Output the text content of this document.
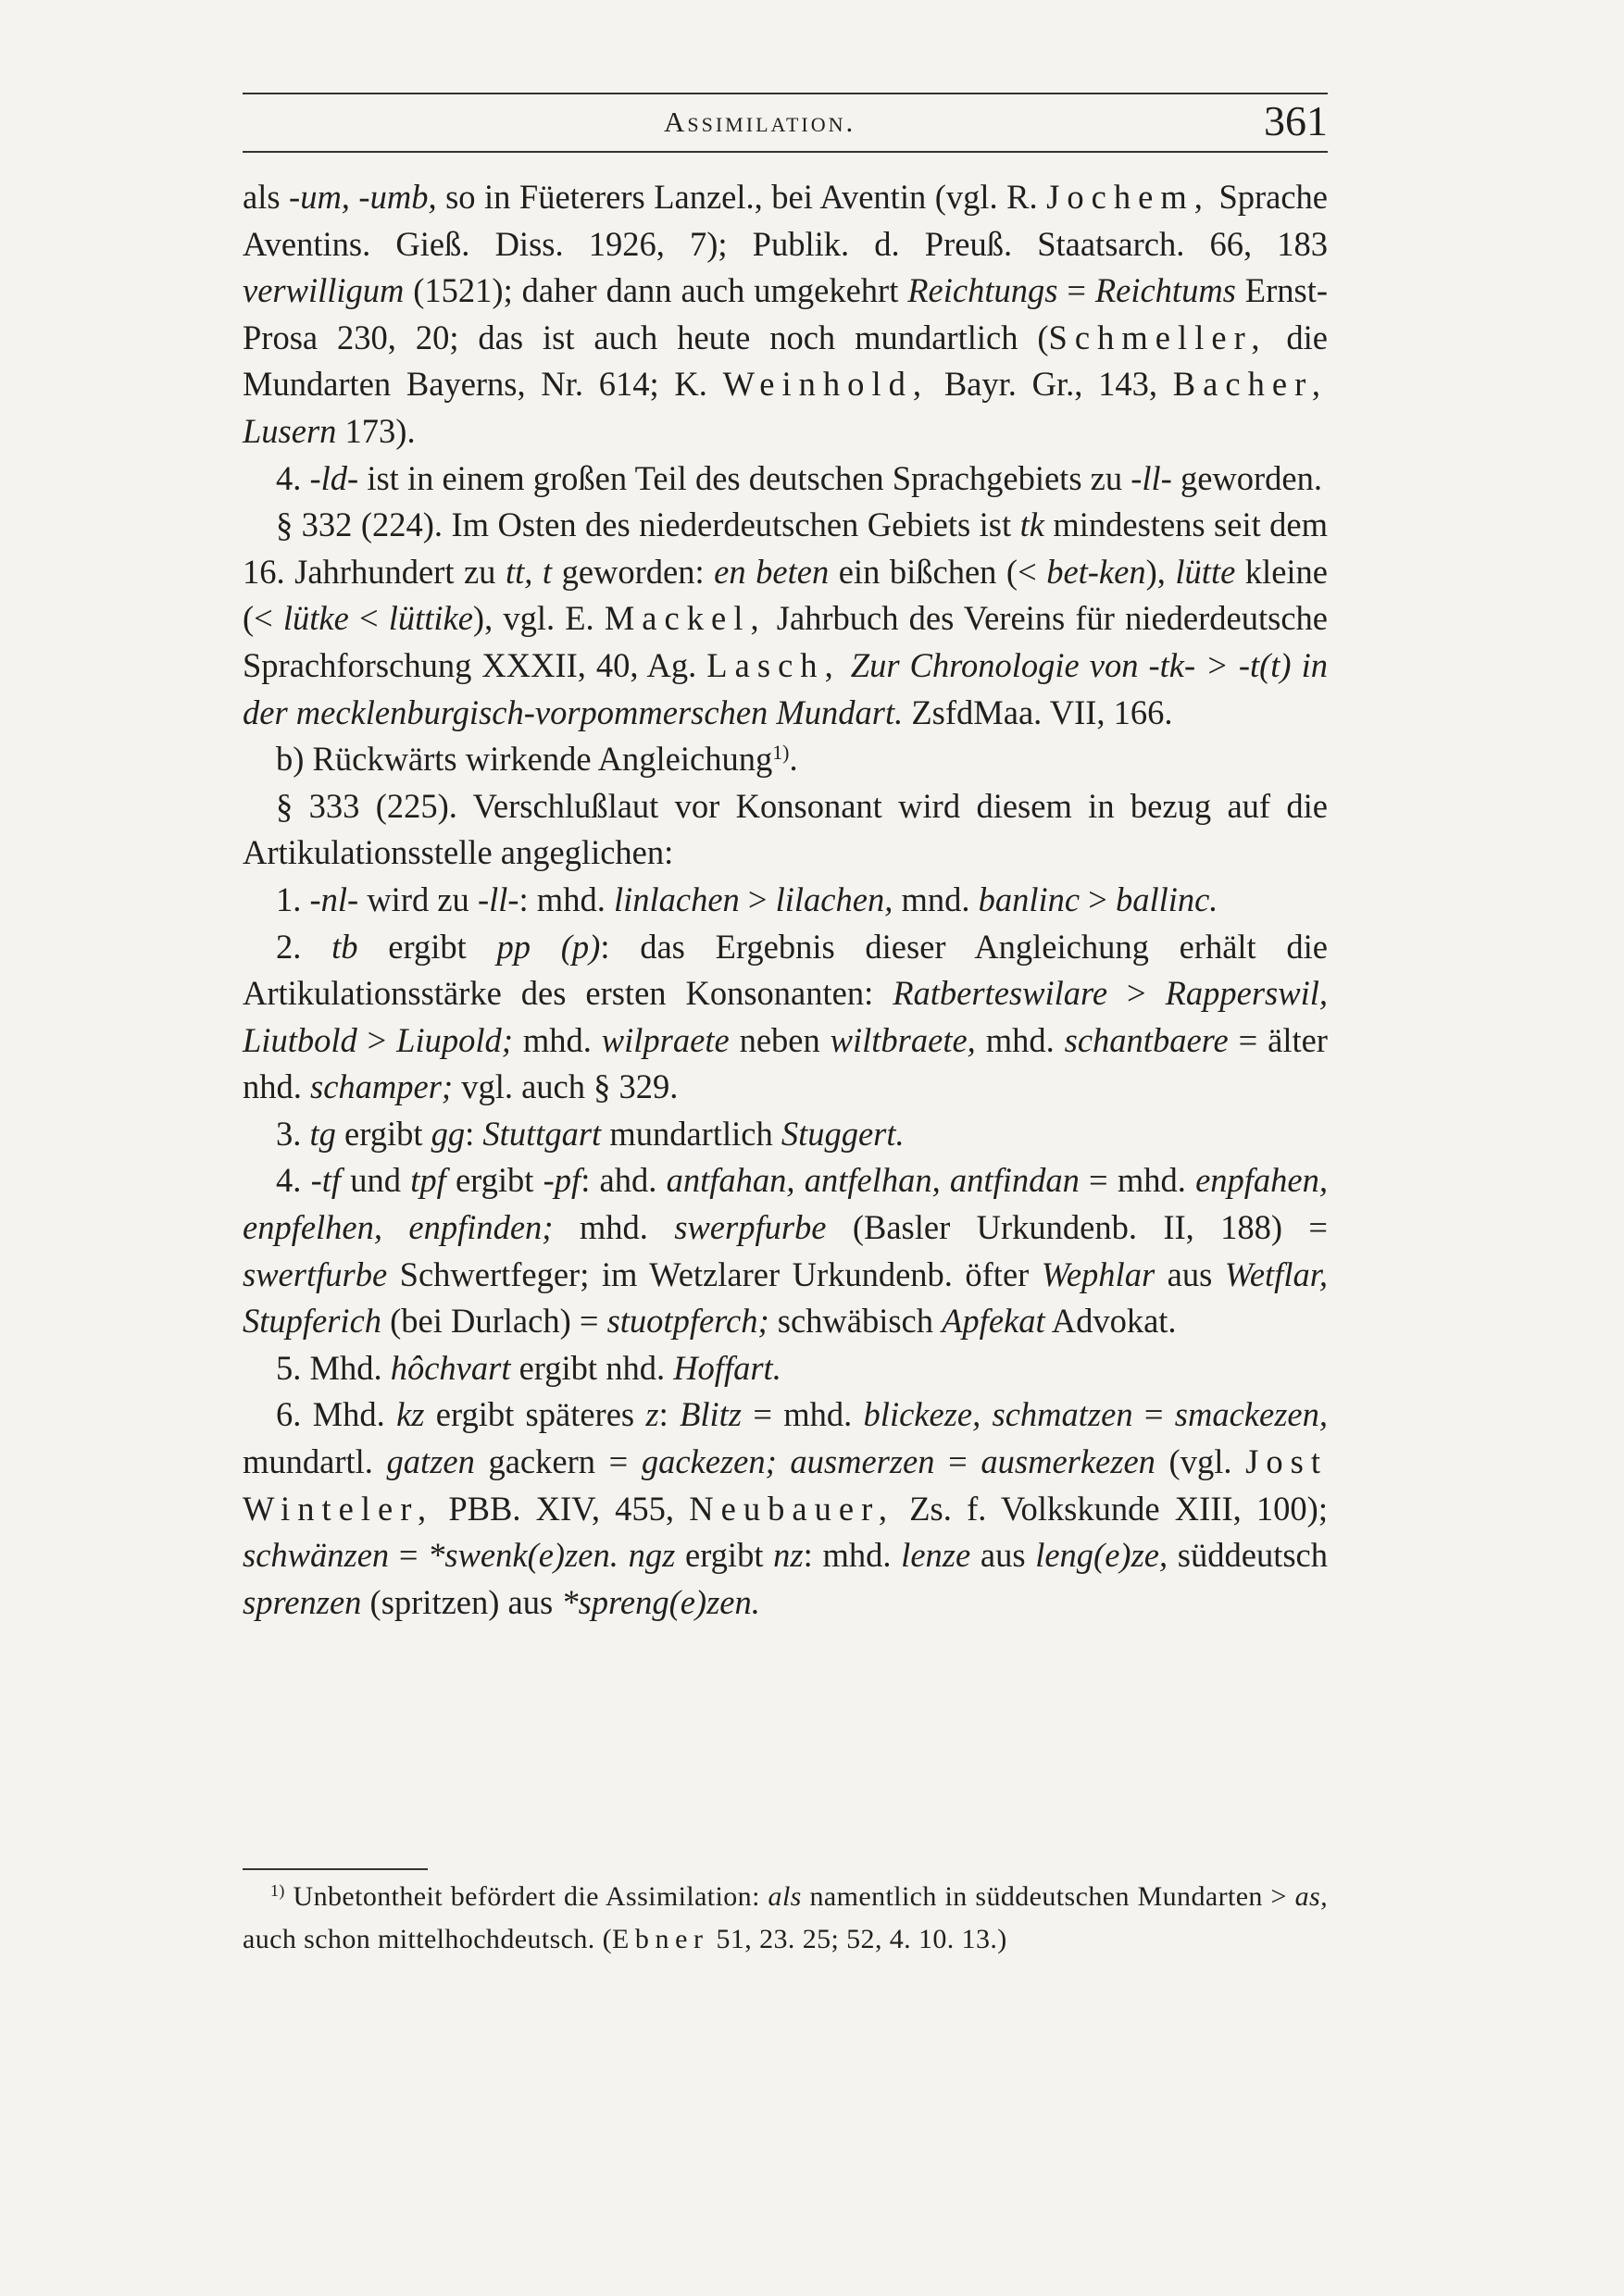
Assimilation.	361

als -um, -umb, so in Füeterers Lanzel., bei Aventin (vgl. R. Jochem, Sprache Aventins. Gieß. Diss. 1926, 7); Publik. d. Preuß. Staatsarch. 66, 183 verwilligum (1521); daher dann auch umgekehrt Reichtungs = Reichtums Ernst-Prosa 230, 20; das ist auch heute noch mundartlich (Schmeller, die Mundarten Bayerns, Nr. 614; K. Weinhold, Bayr. Gr., 143, Bacher, Lusern 173).

4. -ld- ist in einem großen Teil des deutschen Sprachgebiets zu -ll- geworden.

§ 332 (224). Im Osten des niederdeutschen Gebiets ist tk mindestens seit dem 16. Jahrhundert zu tt, t geworden: en beten ein bißchen (< bet-ken), lütte kleine (< lütke < lüttike), vgl. E. Mackel, Jahrbuch des Vereins für niederdeutsche Sprachforschung XXXII, 40, Ag. Lasch, Zur Chronologie von -tk- > -t(t) in der mecklenburgisch-vorpommerschen Mundart. ZsfdMaa. VII, 166.

b) Rückwärts wirkende Angleichung$^{1)}$.

§ 333 (225). Verschlußlaut vor Konsonant wird diesem in bezug auf die Artikulationsstelle angeglichen:

1. -nl- wird zu -ll-: mhd. linlachen > lilachen, mnd. banlinc > ballinc.

2. tb ergibt pp (p): das Ergebnis dieser Angleichung erhält die Artikulationsstärke des ersten Konsonanten: Ratberteswilare > Rapperswil, Liutbold > Liupold; mhd. wilpraete neben wiltbraete, mhd. schantbaere = älter nhd. schamper; vgl. auch § 329.

3. tg ergibt gg: Stuttgart mundartlich Stuggert.

4. -tf und tpf ergibt -pf: ahd. antfahan, antfelhan, antfindan = mhd. enpfahen, enpfelhen, enpfinden; mhd. swerpfurbe (Basler Urkundenb. II, 188) = swertfurbe Schwertfeger; im Wetzlarer Urkundenb. öfter Wephlar aus Wetflar, Stupferich (bei Durlach) = stuotpferch; schwäbisch Apfekat Advokat.

5. Mhd. hôchvart ergibt nhd. Hoffart.

6. Mhd. kz ergibt späteres z: Blitz = mhd. blickeze, schmatzen = smackezen, mundartl. gatzen gackern = gackezen; ausmerzen = ausmerkezen (vgl. Jost Winteler, PBB. XIV, 455, Neubauer, Zs. f. Volkskunde XIII, 100); schwänzen = *swenk(e)zen. ngz ergibt nz: mhd. lenze aus leng(e)ze, süddeutsch sprenzen (spritzen) aus *spreng(e)zen.

$^{1)}$ Unbetontheit befördert die Assimilation: als namentlich in süddeutschen Mundarten > as, auch schon mittelhochdeutsch. (Ebner 51, 23. 25; 52, 4. 10. 13.)
